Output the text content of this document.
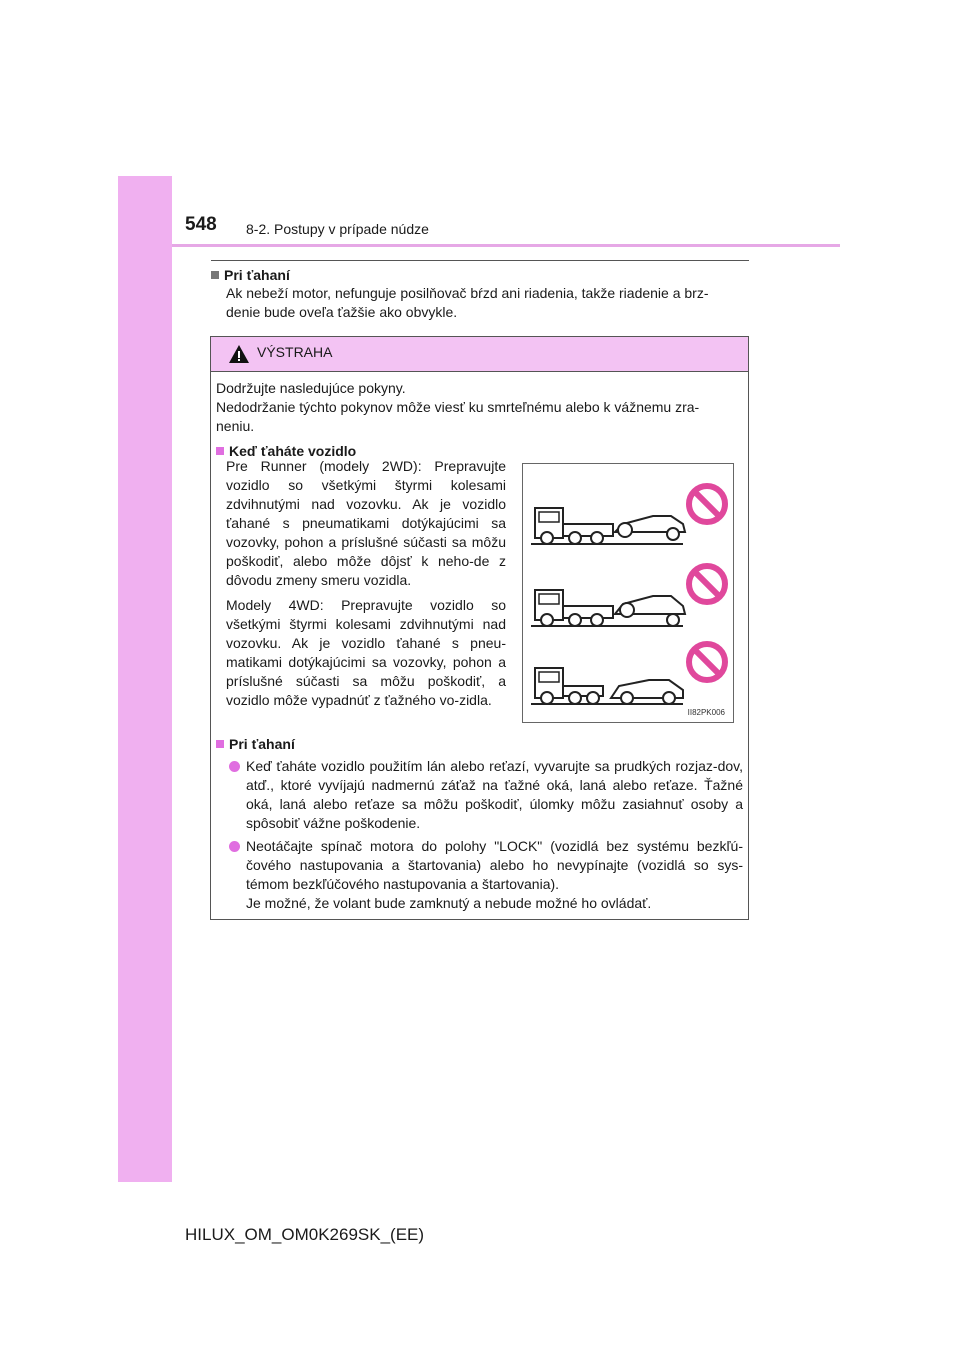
548 8-2. Postupy v prípade núdze
Pri ťahaní
Ak nebeží motor, nefunguje posilňovač bŕzd ani riadenia, takže riadenie a brz-
denie bude oveľa ťažšie ako obvykle.
VÝSTRAHA
Dodržujte nasledujúce pokyny.
Nedodržanie týchto pokynov môže viesť ku smrteľnému alebo k vážnemu zra-
neniu.
Keď ťaháte vozidlo

Pre Runner (modely 2WD): Prepravujte vozidlo so všetkými štyrmi kolesami zdvihnutými nad vozovku. Ak je vozidlo ťahané s pneumatikami dotýkajúcimi sa vozovky, pohon a príslušné súčasti sa môžu poškodiť, alebo môže dôjsť k neho-de z dôvodu zmeny smeru vozidla.

Modely 4WD: Prepravujte vozidlo so všetkými štyrmi kolesami zdvihnutými nad vozovku. Ak je vozidlo ťahané s pneu-matikami dotýkajúcimi sa vozovky, pohon a príslušné súčasti sa môžu poškodiť, a vozidlo môže vypadnúť z ťažného vo-zidla.

II82PK006
Pri ťahaní
Keď ťaháte vozidlo použitím lán alebo reťazí, vyvarujte sa prudkých rozjaz-dov, atď., ktoré vyvíjajú nadmernú záťaž na ťažné oká, laná alebo reťaze. Ťažné oká, laná alebo reťaze sa môžu poškodiť, úlomky môžu zasiahnuť osoby a spôsobiť vážne poškodenie.
Neotáčajte spínač motora do polohy "LOCK" (vozidlá bez systému bezkľú-čového nastupovania a štartovania) alebo ho nevypínajte (vozidlá so sys-témom bezkľúčového nastupovania a štartovania).
Je možné, že volant bude zamknutý a nebude možné ho ovládať.
HILUX_OM_OM0K269SK_(EE)
